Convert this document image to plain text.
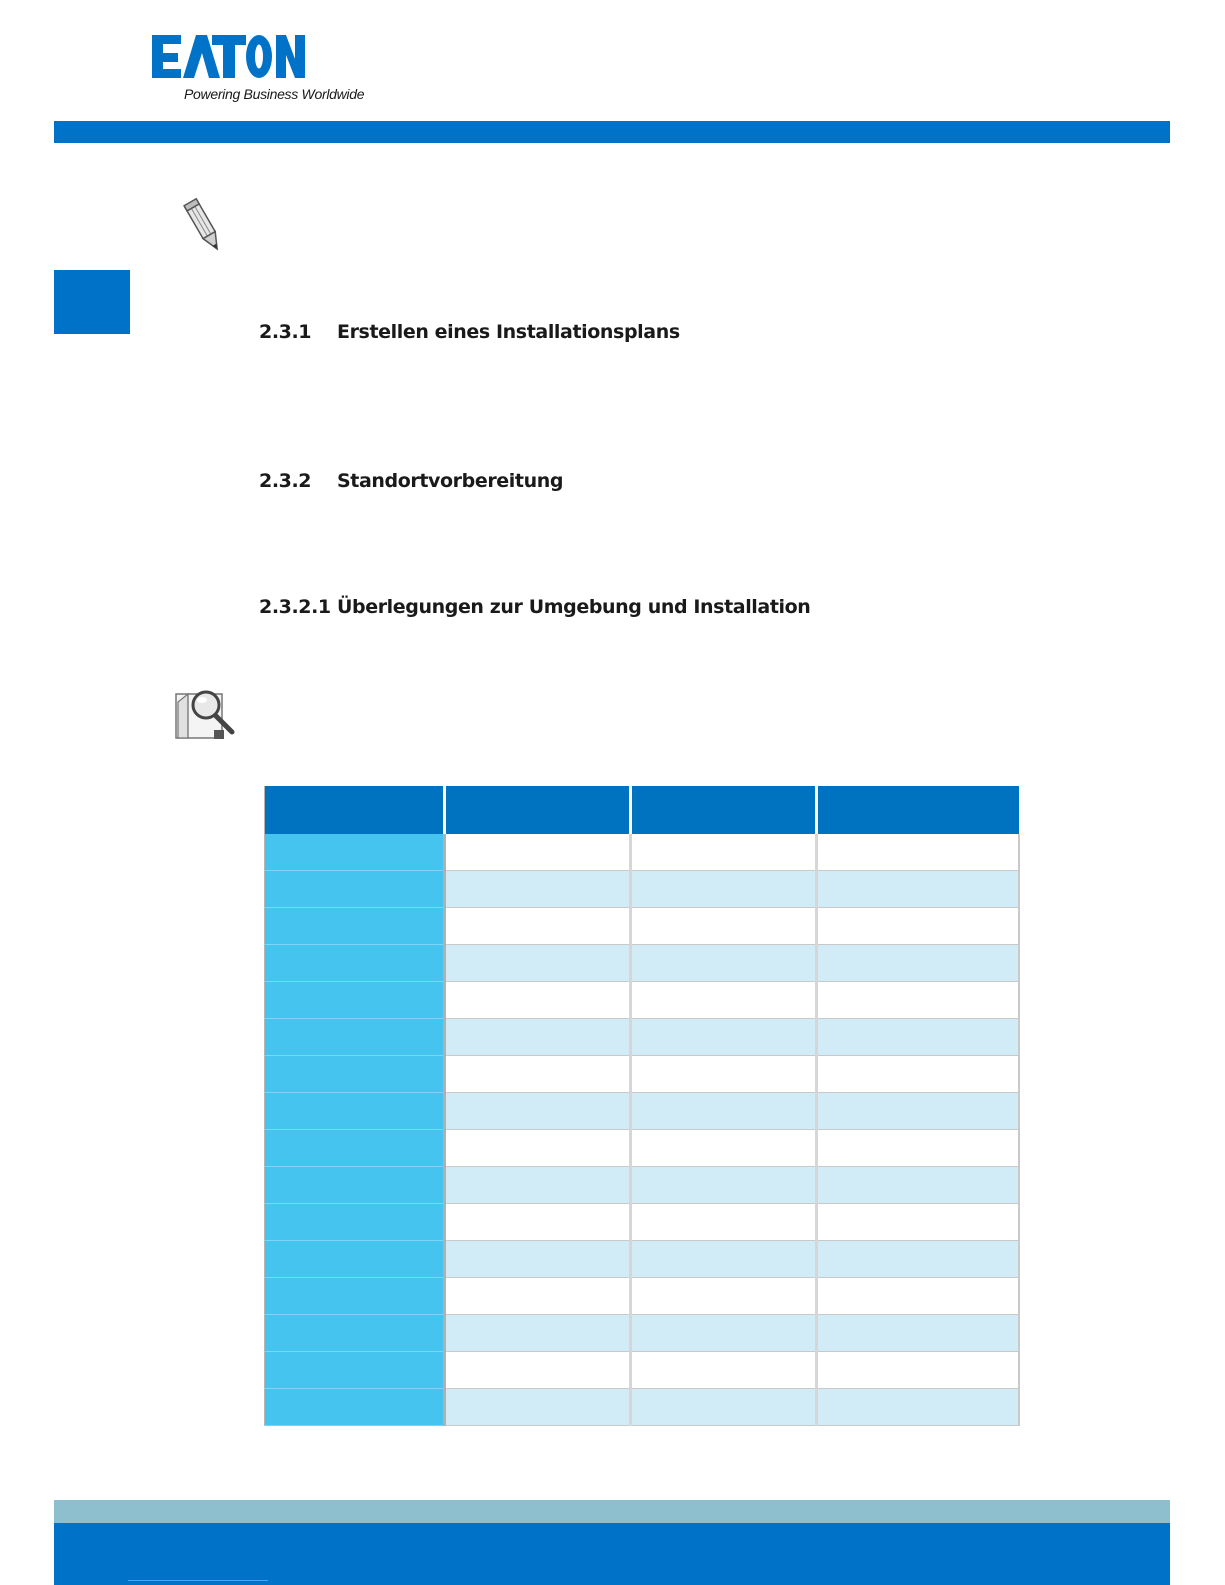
Powering Business Worldwide
2.3.1 Erstellen eines Installationsplans
2.3.2 Standortvorbereitung
2.3.2.1 Überlegungen zur Umgebung und Installation
